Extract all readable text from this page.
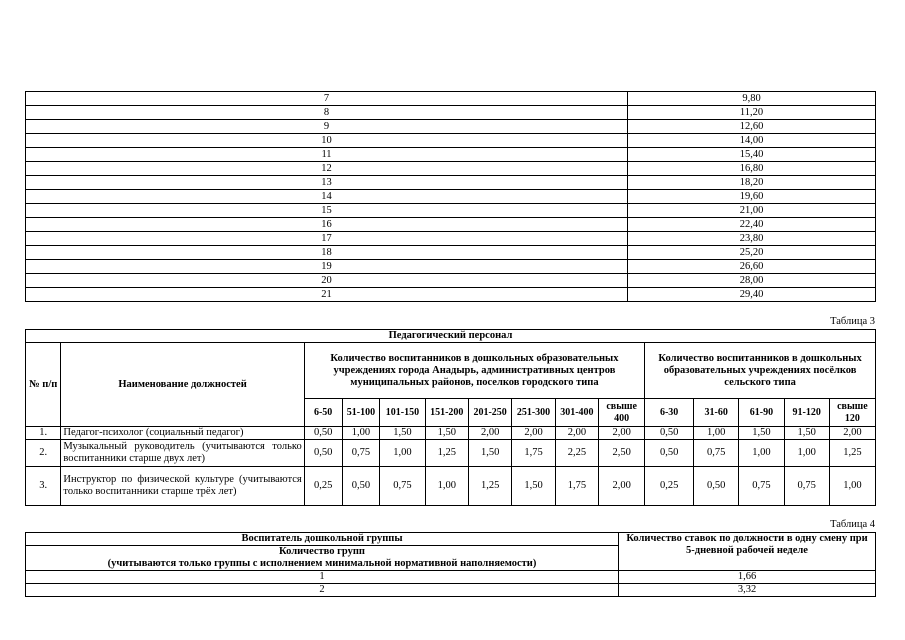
7	9,80
8	11,20
9	12,60
10	14,00
11	15,40
12	16,80
13	18,20
14	19,60
15	21,00
16	22,40
17	23,80
18	25,20
19	26,60
20	28,00
21	29,40
Таблица 3
Педагогический персонал														
№ п/п	Наименование должностей	Количество воспитанников в дошкольных образовательных учреждениях города Анадырь, административных центров муниципальных районов, поселков городского типа								Количество воспитанников в дошкольных образовательных учреждениях посёлков сельского типа				
		6-50	51-100	101-150	151-200	201-250	251-300	301-400	свыше 400	6-30	31-60	61-90	91-120	свыше 120
1.	Педагог-психолог (социальный педагог)	0,50	1,00	1,50	1,50	2,00	2,00	2,00	2,00	0,50	1,00	1,50	1,50	2,00
2.	Музыкальный руководитель (учитываются только воспитанники старше двух лет)	0,50	0,75	1,00	1,25	1,50	1,75	2,25	2,50	0,50	0,75	1,00	1,00	1,25
3.	Инструктор по физической культуре (учитываются только воспитанники старше трёх лет)	0,25	0,50	0,75	1,00	1,25	1,50	1,75	2,00	0,25	0,50	0,75	0,75	1,00
Таблица 4
Воспитатель дошкольной группы	Количество ставок по должности в одну смену при 5-дневной рабочей неделе

Количество групп
(учитываются только группы с исполнением минимальной нормативной наполняемости)	

1	1,66
2	3,32
